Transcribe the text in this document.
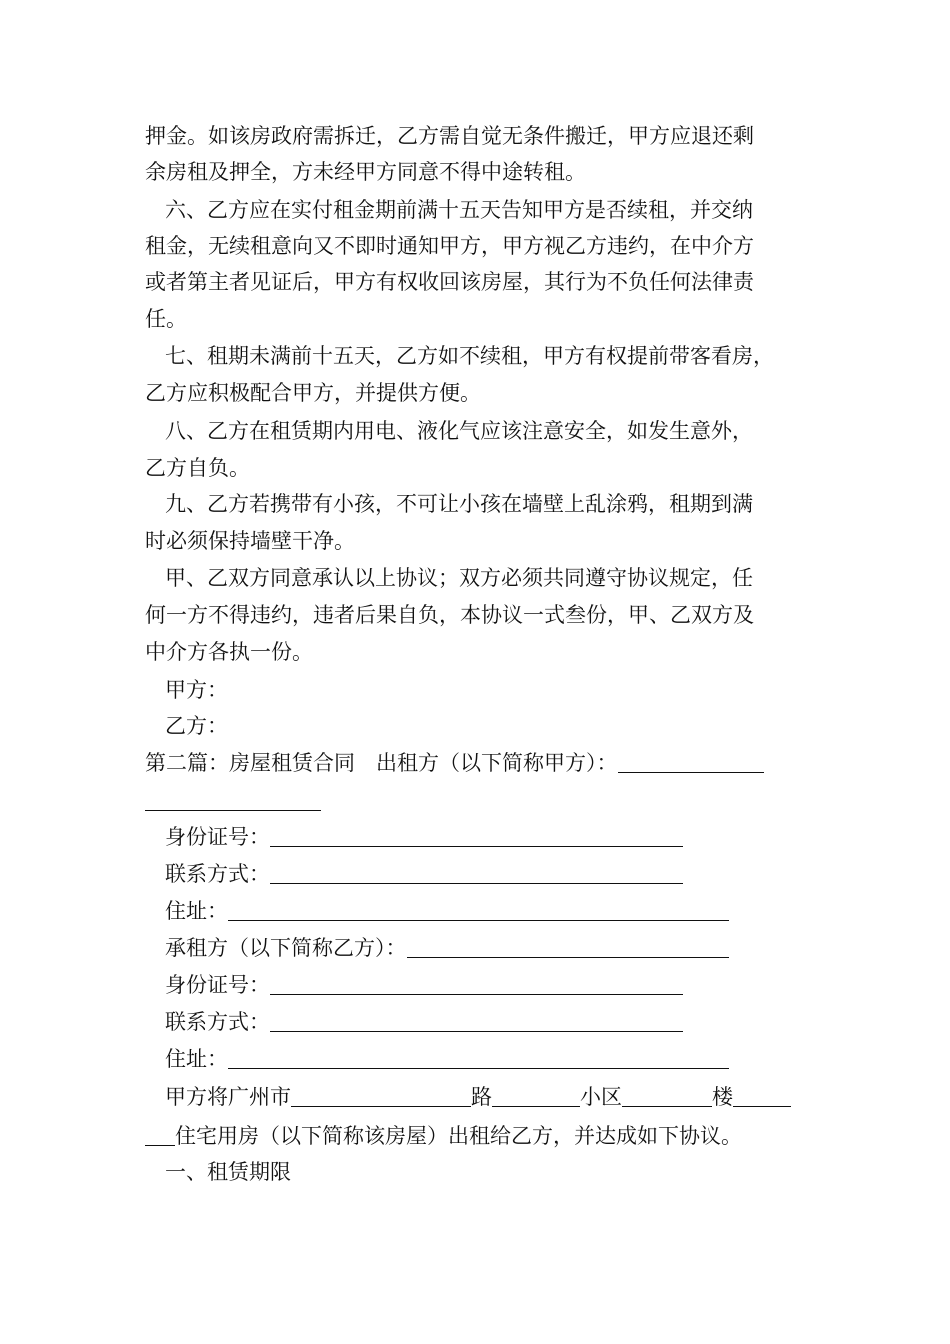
押金。如该房政府需拆迁，乙方需自觉无条件搬迁，甲方应退还剩
余房租及押全，方未经甲方同意不得中途转租。
六、乙方应在实付租金期前满十五天告知甲方是否续租，并交纳
租金，无续租意向又不即时通知甲方，甲方视乙方违约，在中介方
或者第主者见证后，甲方有权收回该房屋，其行为不负任何法律责
任。
七、租期未满前十五天，乙方如不续租，甲方有权提前带客看房，
乙方应积极配合甲方，并提供方便。
八、乙方在租赁期内用电、液化气应该注意安全，如发生意外，
乙方自负。
九、乙方若携带有小孩，不可让小孩在墙壁上乱涂鸦，租期到满
时必须保持墙壁干净。
甲、乙双方同意承认以上协议；双方必须共同遵守协议规定，任
何一方不得违约，违者后果自负，本协议一式叁份，甲、乙双方及
中介方各执一份。
甲方：
乙方：
第二篇：房屋租赁合同　出租方（以下简称甲方）：
身份证号：
联系方式：
住址：
承租方（以下简称乙方）：
身份证号：
联系方式：
住址：
甲方将广州市	路	小区	楼
住宅用房（以下简称该房屋）出租给乙方，并达成如下协议。
一、租赁期限
